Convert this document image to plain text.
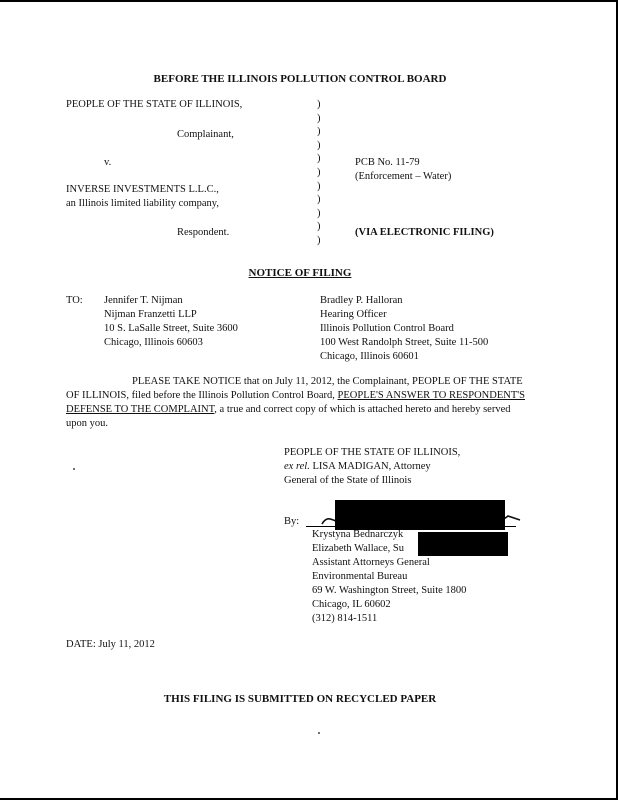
BEFORE THE ILLINOIS POLLUTION CONTROL BOARD
PEOPLE OF THE STATE OF ILLINOIS,
Complainant,
v.
INVERSE INVESTMENTS L.L.C.,
an Illinois limited liability company,
Respondent.
)
)
)
)
)
)
)
)
)
)
)
PCB No. 11-79
(Enforcement – Water)
(VIA ELECTRONIC FILING)
NOTICE OF FILING
TO: Jennifer T. Nijman
Nijman Franzetti LLP
10 S. LaSalle Street, Suite 3600
Chicago, Illinois 60603
Bradley P. Halloran
Hearing Officer
Illinois Pollution Control Board
100 West Randolph Street, Suite 11-500
Chicago, Illinois 60601
PLEASE TAKE NOTICE that on July 11, 2012, the Complainant, PEOPLE OF THE STATE OF ILLINOIS, filed before the Illinois Pollution Control Board, PEOPLE'S ANSWER TO RESPONDENT'S DEFENSE TO THE COMPLAINT, a true and correct copy of which is attached hereto and hereby served upon you.
PEOPLE OF THE STATE OF ILLINOIS,
ex rel. LISA MADIGAN, Attorney
General of the State of Illinois
By:
Krystyna Bednarczyk
Elizabeth Wallace, Su
Assistant Attorneys General
Environmental Bureau
69 W. Washington Street, Suite 1800
Chicago, IL 60602
(312) 814-1511
DATE: July 11, 2012
THIS FILING IS SUBMITTED ON RECYCLED PAPER
